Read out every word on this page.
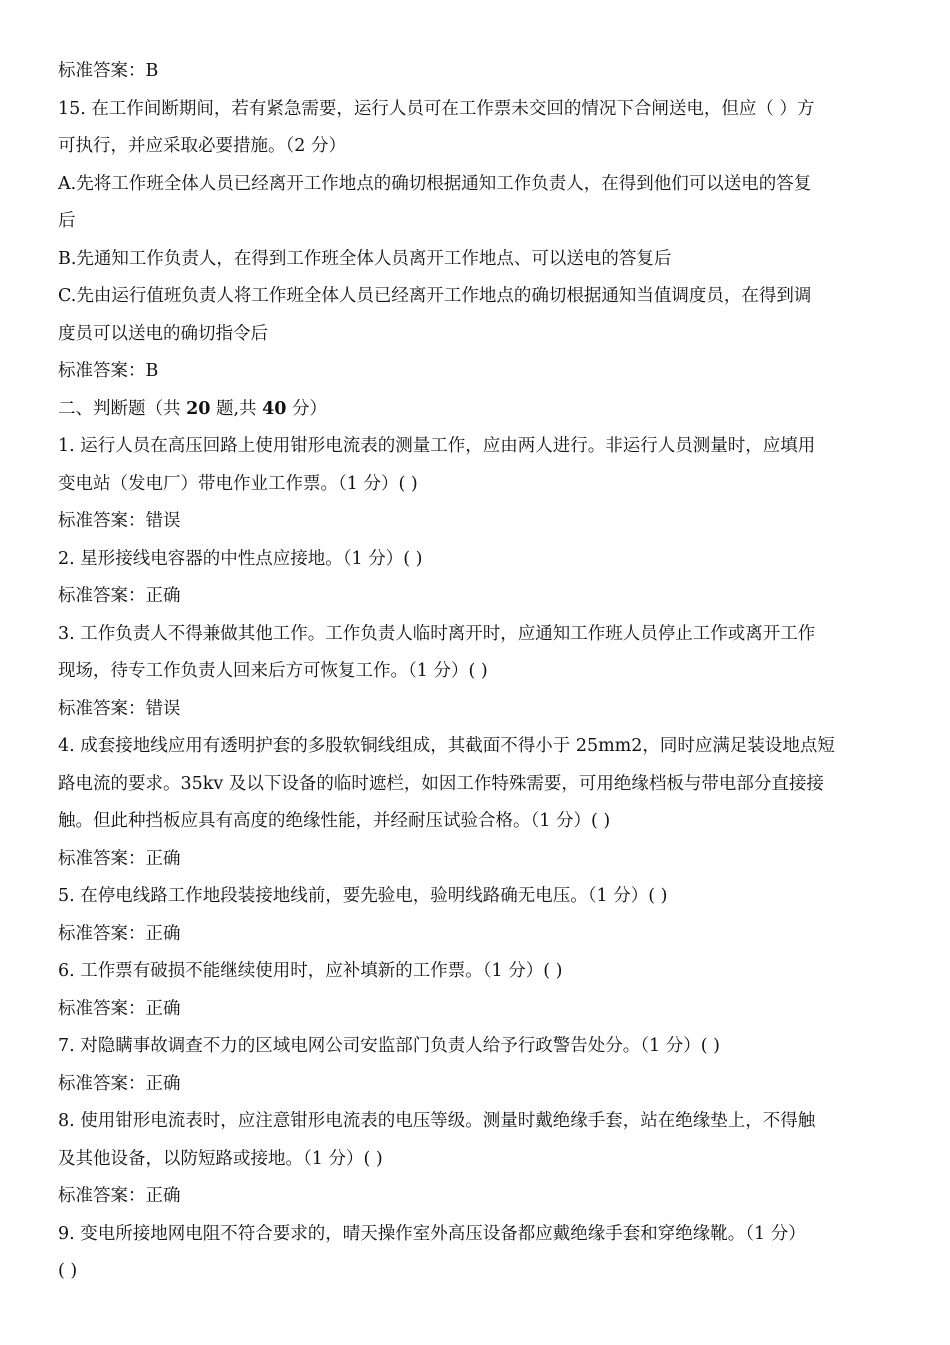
标准答案：B
15. 在工作间断期间，若有紧急需要，运行人员可在工作票未交回的情况下合闸送电，但应（ ）方
可执行，并应采取必要措施。（2 分）
A.先将工作班全体人员已经离开工作地点的确切根据通知工作负责人，在得到他们可以送电的答复
后
B.先通知工作负责人，在得到工作班全体人员离开工作地点、可以送电的答复后
C.先由运行值班负责人将工作班全体人员已经离开工作地点的确切根据通知当值调度员，在得到调
度员可以送电的确切指令后
标准答案：B
二、判断题（共 20 题,共 40 分）
1. 运行人员在高压回路上使用钳形电流表的测量工作，应由两人进行。非运行人员测量时，应填用
变电站（发电厂）带电作业工作票。（1 分）( )
标准答案：错误
2. 星形接线电容器的中性点应接地。（1 分）( )
标准答案：正确
3. 工作负责人不得兼做其他工作。工作负责人临时离开时，应通知工作班人员停止工作或离开工作
现场，待专工作负责人回来后方可恢复工作。（1 分）( )
标准答案：错误
4. 成套接地线应用有透明护套的多股软铜线组成，其截面不得小于 25mm2，同时应满足装设地点短
路电流的要求。35kv 及以下设备的临时遮栏，如因工作特殊需要，可用绝缘档板与带电部分直接接
触。但此种挡板应具有高度的绝缘性能，并经耐压试验合格。（1 分）( )
标准答案：正确
5. 在停电线路工作地段装接地线前，要先验电，验明线路确无电压。（1 分）( )
标准答案：正确
6. 工作票有破损不能继续使用时，应补填新的工作票。（1 分）( )
标准答案：正确
7. 对隐瞒事故调查不力的区域电网公司安监部门负责人给予行政警告处分。（1 分）( )
标准答案：正确
8. 使用钳形电流表时，应注意钳形电流表的电压等级。测量时戴绝缘手套，站在绝缘垫上，不得触
及其他设备，以防短路或接地。（1 分）( )
标准答案：正确
9. 变电所接地网电阻不符合要求的，晴天操作室外高压设备都应戴绝缘手套和穿绝缘靴。（1 分）
( )
